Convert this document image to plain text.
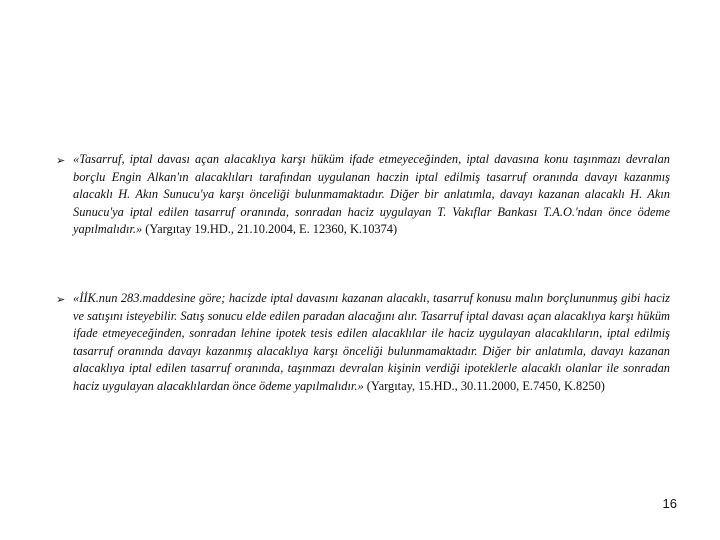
➢ «Tasarruf, iptal davası açan alacaklıya karşı hüküm ifade etmeyeceğinden, iptal davasına konu taşınmazı devralan borçlu Engin Alkan'ın alacaklıları tarafından uygulanan haczin iptal edilmiş tasarruf oranında davayı kazanmış alacaklı H. Akın Sunucu'ya karşı önceliği bulunmamaktadır. Diğer bir anlatımla, davayı kazanan alacaklı H. Akın Sunucu'ya iptal edilen tasarruf oranında, sonradan haciz uygulayan T. Vakıflar Bankası T.A.O.'ndan önce ödeme yapılmalıdır.» (Yargıtay 19.HD., 21.10.2004, E. 12360, K.10374)
➢ «İİK.nun 283.maddesine göre; hacizde iptal davasını kazanan alacaklı, tasarruf konusu malın borçlununmuş gibi haciz ve satışını isteyebilir. Satış sonucu elde edilen paradan alacağını alır. Tasarruf iptal davası açan alacaklıya karşı hüküm ifade etmeyeceğinden, sonradan lehine ipotek tesis edilen alacaklılar ile haciz uygulayan alacaklıların, iptal edilmiş tasarruf oranında davayı kazanmış alacaklıya karşı önceliği bulunmamaktadır. Diğer bir anlatımla, davayı kazanan alacaklıya iptal edilen tasarruf oranında, taşınmazı devralan kişinin verdiği ipoteklerle alacaklı olanlar ile sonradan haciz uygulayan alacaklılardan önce ödeme yapılmalıdır.» (Yargıtay, 15.HD., 30.11.2000, E.7450, K.8250)
16
